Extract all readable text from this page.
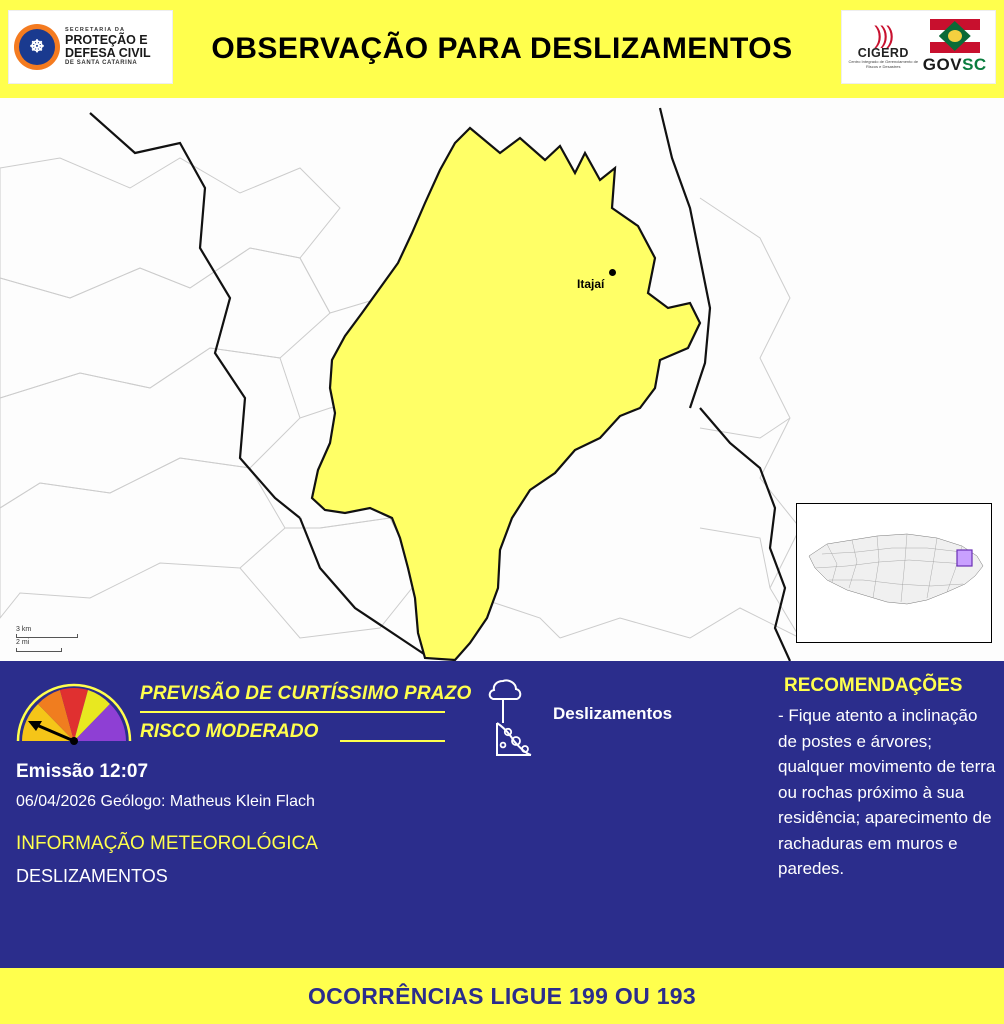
☸
SECRETARIA DA
PROTEÇÃO E
DEFESA CIVIL
DE SANTA CATARINA	OBSERVAÇÃO PARA DESLIZAMENTOS	)))
CIGERD
Centro Integrado de Gerenciamento de Riscos e Desastres	GOVSC
Itajaí
3 km
2 mi
PREVISÃO DE CURTÍSSIMO PRAZO
RISCO MODERADO
Emissão 12:07
06/04/2026 Geólogo: Matheus Klein Flach
INFORMAÇÃO METEOROLÓGICA
DESLIZAMENTOS
Deslizamentos
RECOMENDAÇÕES
- Fique atento a inclinação de postes e árvores; qualquer movimento de terra ou rochas próximo à sua residência; aparecimento de rachaduras em muros e paredes.
OCORRÊNCIAS LIGUE 199 OU 193
